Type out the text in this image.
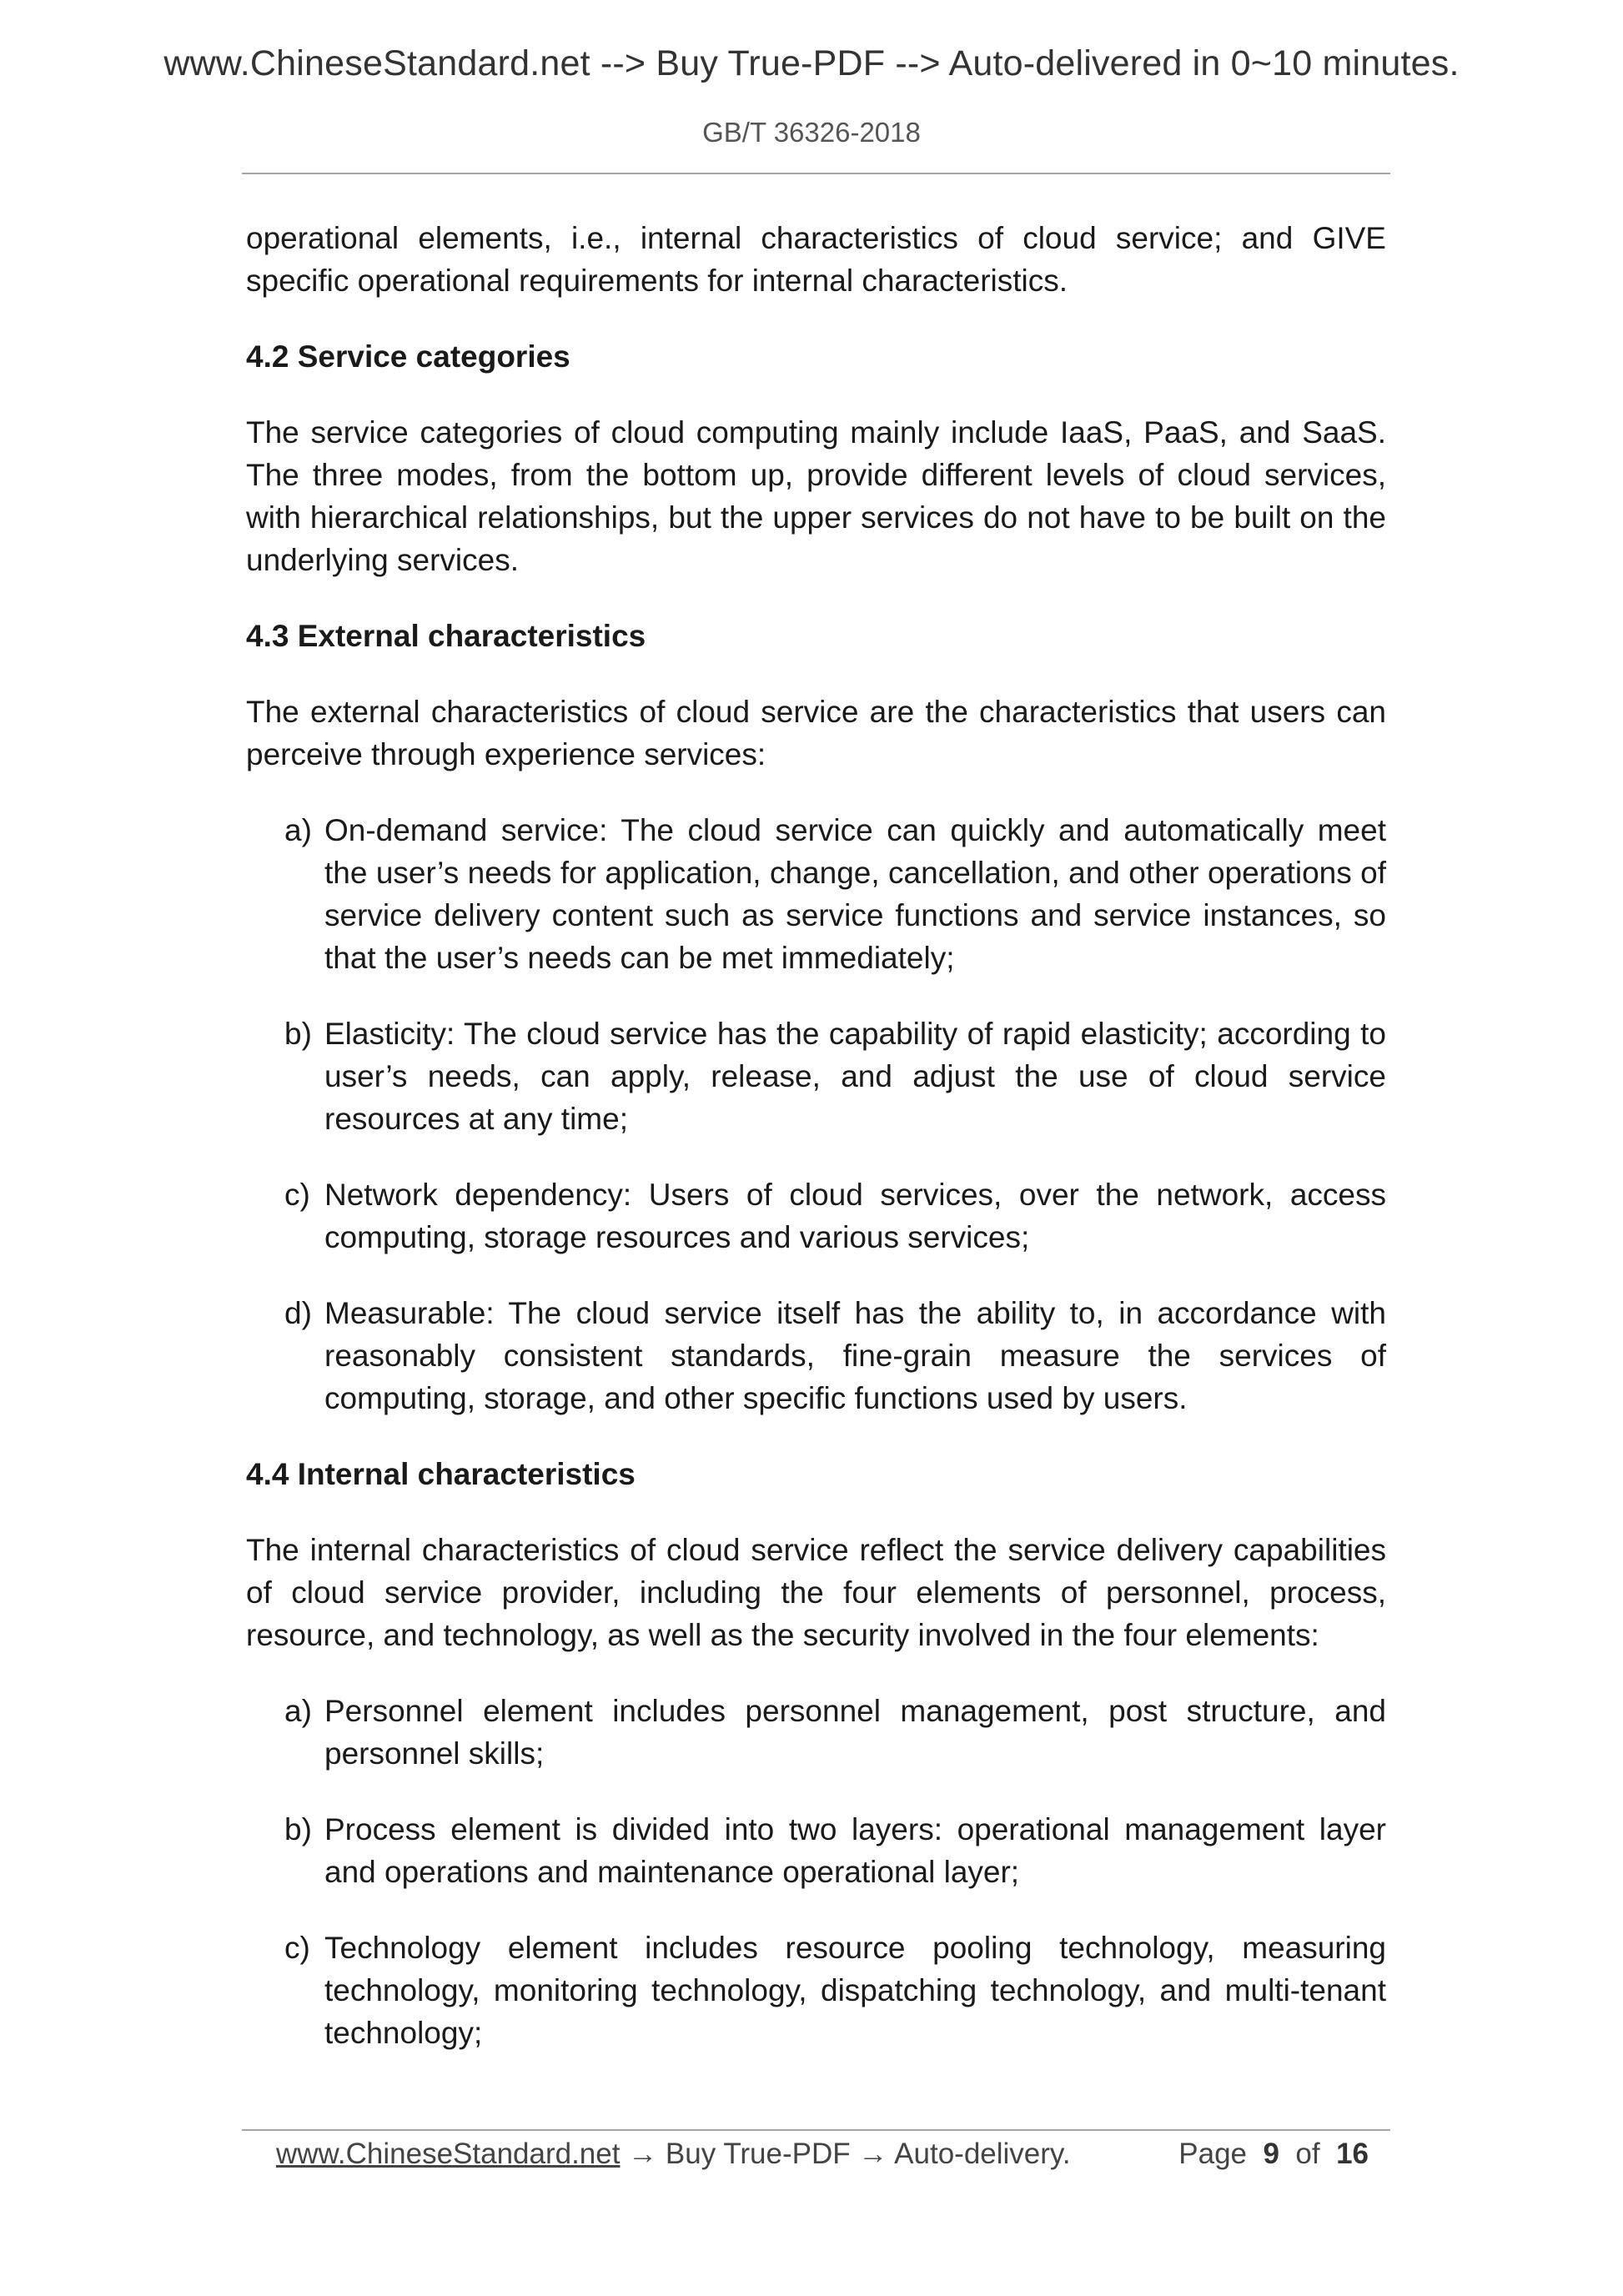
www.ChineseStandard.net --> Buy True-PDF --> Auto-delivered in 0~10 minutes.
GB/T 36326-2018

operational elements, i.e., internal characteristics of cloud service; and GIVE specific operational requirements for internal characteristics.

4.2 Service categories

The service categories of cloud computing mainly include IaaS, PaaS, and SaaS. The three modes, from the bottom up, provide different levels of cloud services, with hierarchical relationships, but the upper services do not have to be built on the underlying services.

4.3 External characteristics

The external characteristics of cloud service are the characteristics that users can perceive through experience services:

a) On-demand service: The cloud service can quickly and automatically meet the user’s needs for application, change, cancellation, and other operations of service delivery content such as service functions and service instances, so that the user’s needs can be met immediately;
b) Elasticity: The cloud service has the capability of rapid elasticity; according to user’s needs, can apply, release, and adjust the use of cloud service resources at any time;
c) Network dependency: Users of cloud services, over the network, access computing, storage resources and various services;
d) Measurable: The cloud service itself has the ability to, in accordance with reasonably consistent standards, fine-grain measure the services of computing, storage, and other specific functions used by users.
4.4 Internal characteristics

The internal characteristics of cloud service reflect the service delivery capabilities of cloud service provider, including the four elements of personnel, process, resource, and technology, as well as the security involved in the four elements:

a) Personnel element includes personnel management, post structure, and personnel skills;
b) Process element is divided into two layers: operational management layer and operations and maintenance operational layer;
c) Technology element includes resource pooling technology, measuring technology, monitoring technology, dispatching technology, and multi-tenant technology;
www.ChineseStandard.net → Buy True-PDF → Auto-delivery.	Page 9 of 16
